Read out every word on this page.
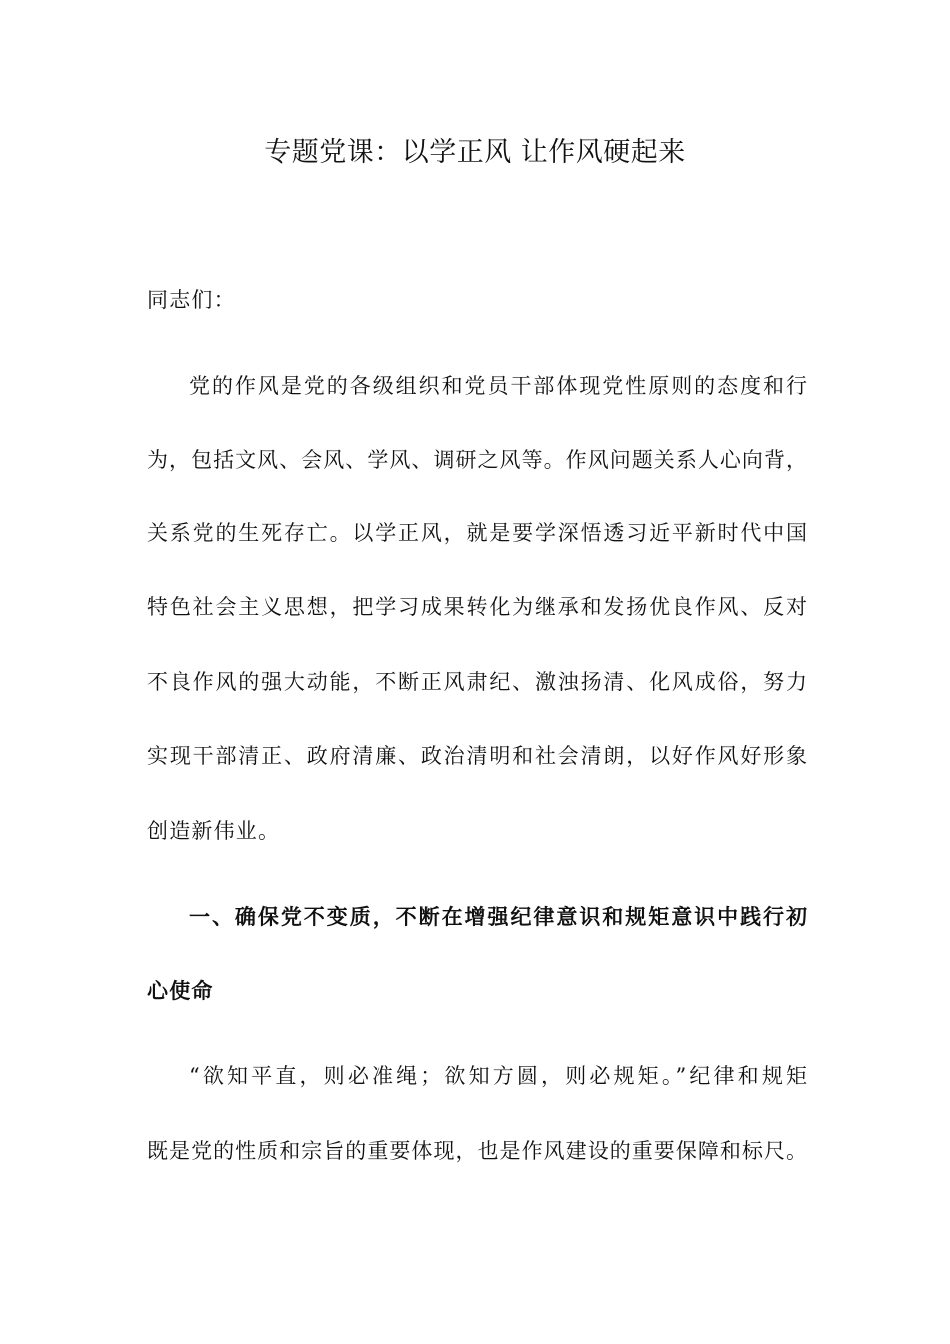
专题党课：以学正风 让作风硬起来

同志们：

党的作风是党的各级组织和党员干部体现党性原则的态度和行

为，包括文风、会风、学风、调研之风等。作风问题关系人心向背，

关系党的生死存亡。以学正风，就是要学深悟透习近平新时代中国

特色社会主义思想，把学习成果转化为继承和发扬优良作风、反对

不良作风的强大动能，不断正风肃纪、激浊扬清、化风成俗，努力

实现干部清正、政府清廉、政治清明和社会清朗，以好作风好形象

创造新伟业。

一、确保党不变质，不断在增强纪律意识和规矩意识中践行初

心使命

“欲知平直，则必准绳；欲知方圆，则必规矩。”纪律和规矩

既是党的性质和宗旨的重要体现，也是作风建设的重要保障和标尺。
